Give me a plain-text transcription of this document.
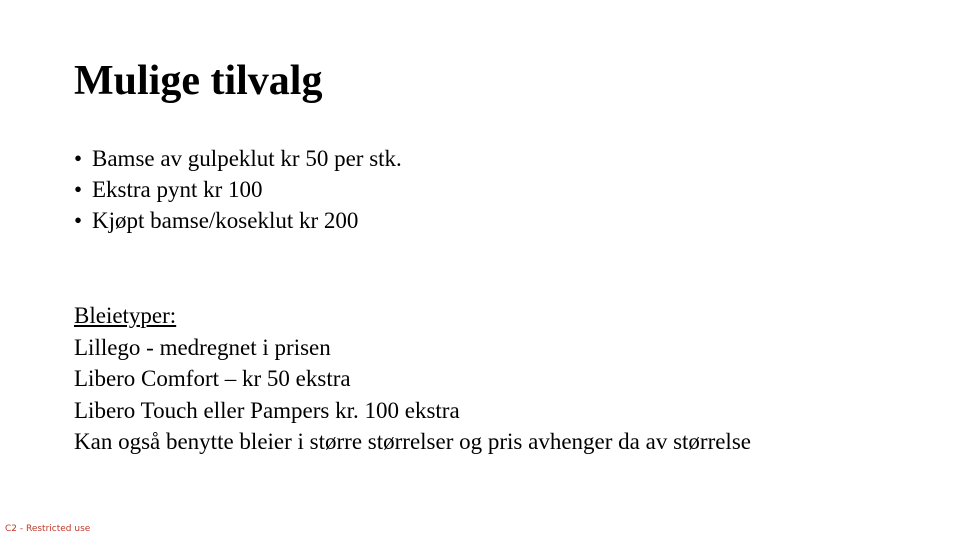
Mulige tilvalg
• Bamse av gulpeklut kr 50 per stk.
• Ekstra pynt kr 100
• Kjøpt bamse/koseklut kr 200
Bleietyper:
Lillego - medregnet i prisen
Libero Comfort – kr 50 ekstra
Libero Touch eller Pampers kr. 100 ekstra
Kan også benytte bleier i større størrelser og pris avhenger da av størrelse
C2 - Restricted use
